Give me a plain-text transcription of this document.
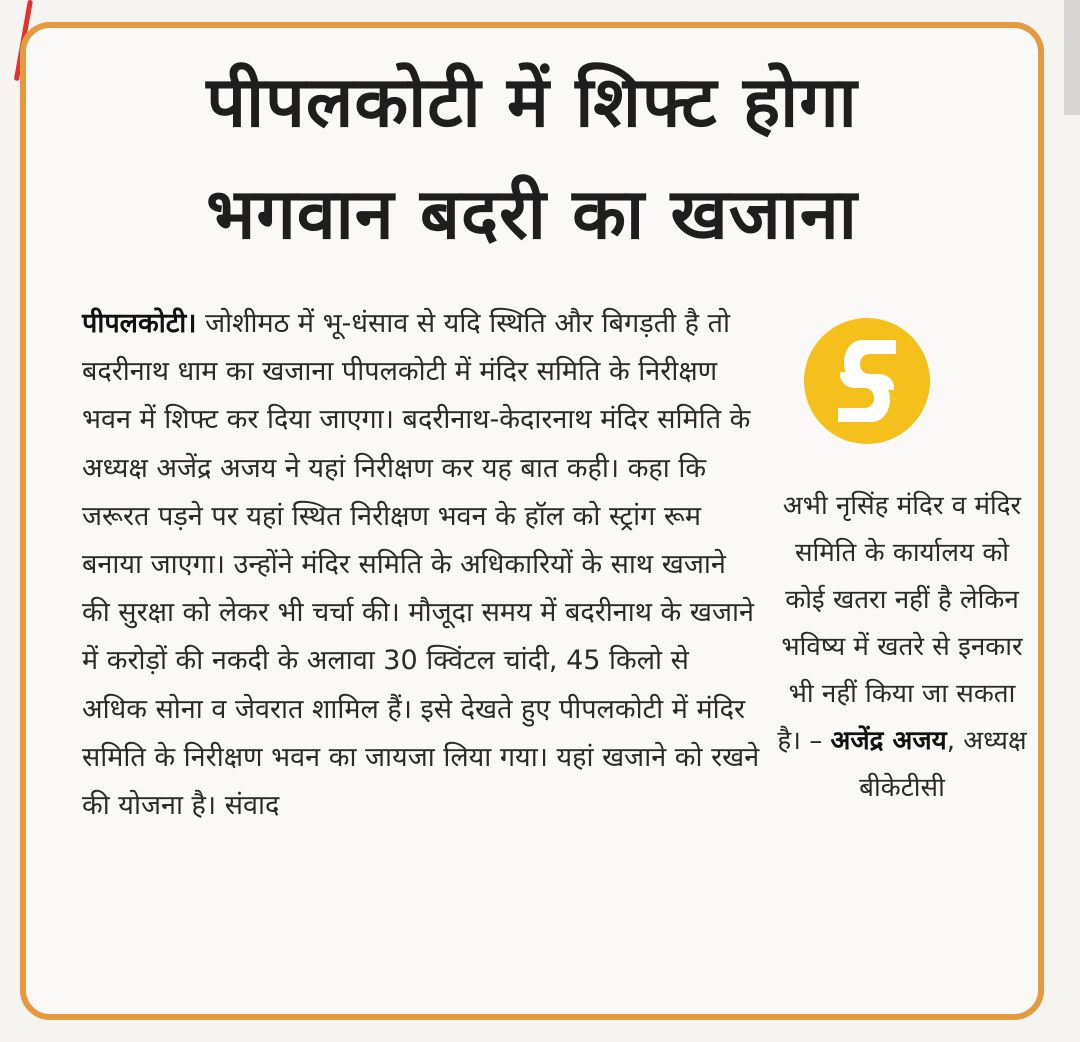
पीपलकोटी में शिफ्ट होगा
भगवान बदरी का खजाना

पीपलकोटी। जोशीमठ में भू-धंसाव से यदि स्थिति और बिगड़ती है तो बदरीनाथ धाम का खजाना पीपलकोटी में मंदिर समिति के निरीक्षण भवन में शिफ्ट कर दिया जाएगा। बदरीनाथ-केदारनाथ मंदिर समिति के अध्यक्ष अजेंद्र अजय ने यहां निरीक्षण कर यह बात कही। कहा कि जरूरत पड़ने पर यहां स्थित निरीक्षण भवन के हॉल को स्ट्रांग रूम बनाया जाएगा। उन्होंने मंदिर समिति के अधिकारियों के साथ खजाने की सुरक्षा को लेकर भी चर्चा की। मौजूदा समय में बदरीनाथ के खजाने में करोड़ों की नकदी के अलावा 30 क्विंटल चांदी, 45 किलो से अधिक सोना व जेवरात शामिल हैं। इसे देखते हुए पीपलकोटी में मंदिर समिति के निरीक्षण भवन का जायजा लिया गया। यहां खजाने को रखने की योजना है। संवाद

अभी नृसिंह मंदिर व मंदिर समिति के कार्यालय को कोई खतरा नहीं है लेकिन भविष्य में खतरे से इनकार भी नहीं किया जा सकता है। – अजेंद्र अजय, अध्यक्ष बीकेटीसी
